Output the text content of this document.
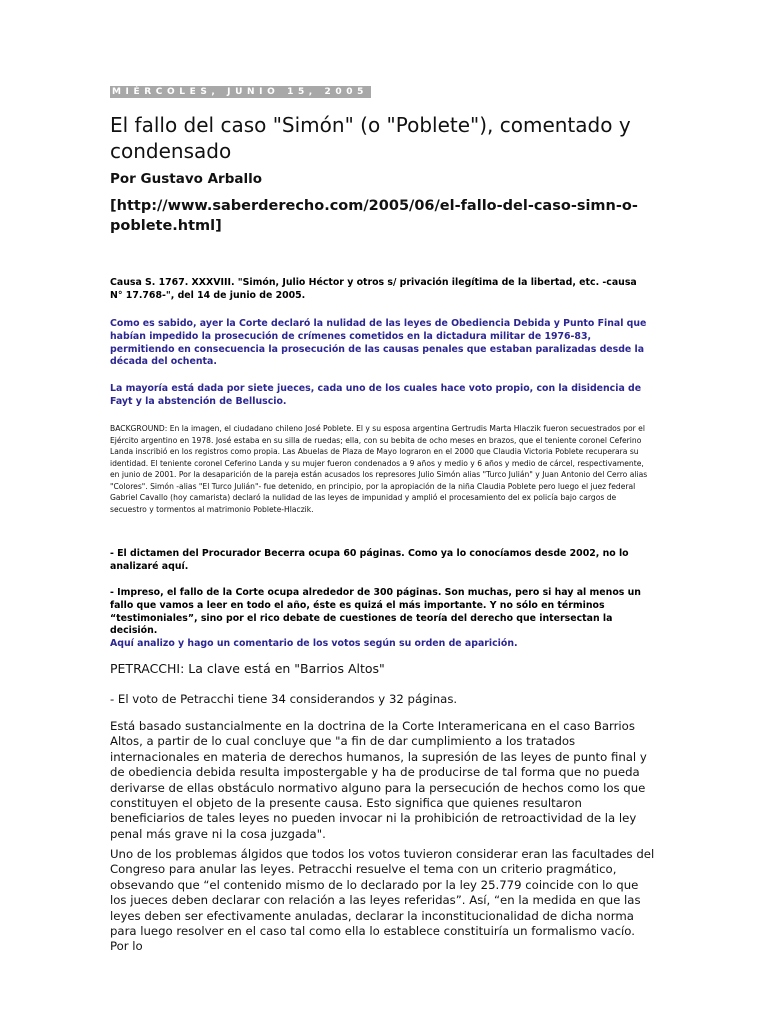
MIÉRCOLES, JUNIO 15, 2005
El fallo del caso "Simón" (o "Poblete"), comentado y condensado
Por Gustavo Arballo
[http://www.saberderecho.com/2005/06/el-fallo-del-caso-simn-o-poblete.html]
Causa S. 1767. XXXVIII. "Simón, Julio Héctor y otros s/ privación ilegítima de la libertad, etc. -causa N° 17.768-", del 14 de junio de 2005.
Como es sabido, ayer la Corte declaró la nulidad de las leyes de Obediencia Debida y Punto Final que habían impedido la prosecución de crímenes cometidos en la dictadura militar de 1976-83, permitiendo en consecuencia la prosecución de las causas penales que estaban paralizadas desde la década del ochenta.
La mayoría está dada por siete jueces, cada uno de los cuales hace voto propio, con la disidencia de Fayt y la abstención de Belluscio.
BACKGROUND: En la imagen, el ciudadano chileno José Poblete. El y su esposa argentina Gertrudis Marta Hlaczik fueron secuestrados por el Ejército argentino en 1978. José estaba en su silla de ruedas; ella, con su bebita de ocho meses en brazos, que el teniente coronel Ceferino Landa inscribió en los registros como propia. Las Abuelas de Plaza de Mayo lograron en el 2000 que Claudia Victoria Poblete recuperara su identidad. El teniente coronel Ceferino Landa y su mujer fueron condenados a 9 años y medio y 6 años y medio de cárcel, respectivamente, en junio de 2001. Por la desaparición de la pareja están acusados los represores Julio Simón alias "Turco Julián" y Juan Antonio del Cerro alias "Colores". Simón -alias "El Turco Julián"- fue detenido, en principio, por la apropiación de la niña Claudia Poblete pero luego el juez federal Gabriel Cavallo (hoy camarista) declaró la nulidad de las leyes de impunidad y amplió el procesamiento del ex policía bajo cargos de secuestro y tormentos al matrimonio Poblete-Hlaczik.
- El dictamen del Procurador Becerra ocupa 60 páginas. Como ya lo conocíamos desde 2002, no lo analizaré aquí.
- Impreso, el fallo de la Corte ocupa alrededor de 300 páginas. Son muchas, pero si hay al menos un fallo que vamos a leer en todo el año, éste es quizá el más importante. Y no sólo en términos “testimoniales”, sino por el rico debate de cuestiones de teoría del derecho que intersectan la decisión.
Aquí analizo y hago un comentario de los votos según su orden de aparición.
PETRACCHI: La clave está en "Barrios Altos"
- El voto de Petracchi tiene 34 considerandos y 32 páginas.
Está basado sustancialmente en la doctrina de la Corte Interamericana en el caso Barrios Altos, a partir de lo cual concluye que "a fin de dar cumplimiento a los tratados internacionales en materia de derechos humanos, la supresión de las leyes de punto final y de obediencia debida resulta impostergable y ha de producirse de tal forma que no pueda derivarse de ellas obstáculo normativo alguno para la persecución de hechos como los que constituyen el objeto de la presente causa. Esto significa que quienes resultaron beneficiarios de tales leyes no pueden invocar ni la prohibición de retroactividad de la ley penal más grave ni la cosa juzgada".
Uno de los problemas álgidos que todos los votos tuvieron considerar eran las facultades del Congreso para anular las leyes. Petracchi resuelve el tema con un criterio pragmático, obsevando que “el contenido mismo de lo declarado por la ley 25.779 coincide con lo que los jueces deben declarar con relación a las leyes referidas”. Así, “en la medida en que las leyes deben ser efectivamente anuladas, declarar la inconstitucionalidad de dicha norma para luego resolver en el caso tal como ella lo establece constituiría un formalismo vacío. Por lo
